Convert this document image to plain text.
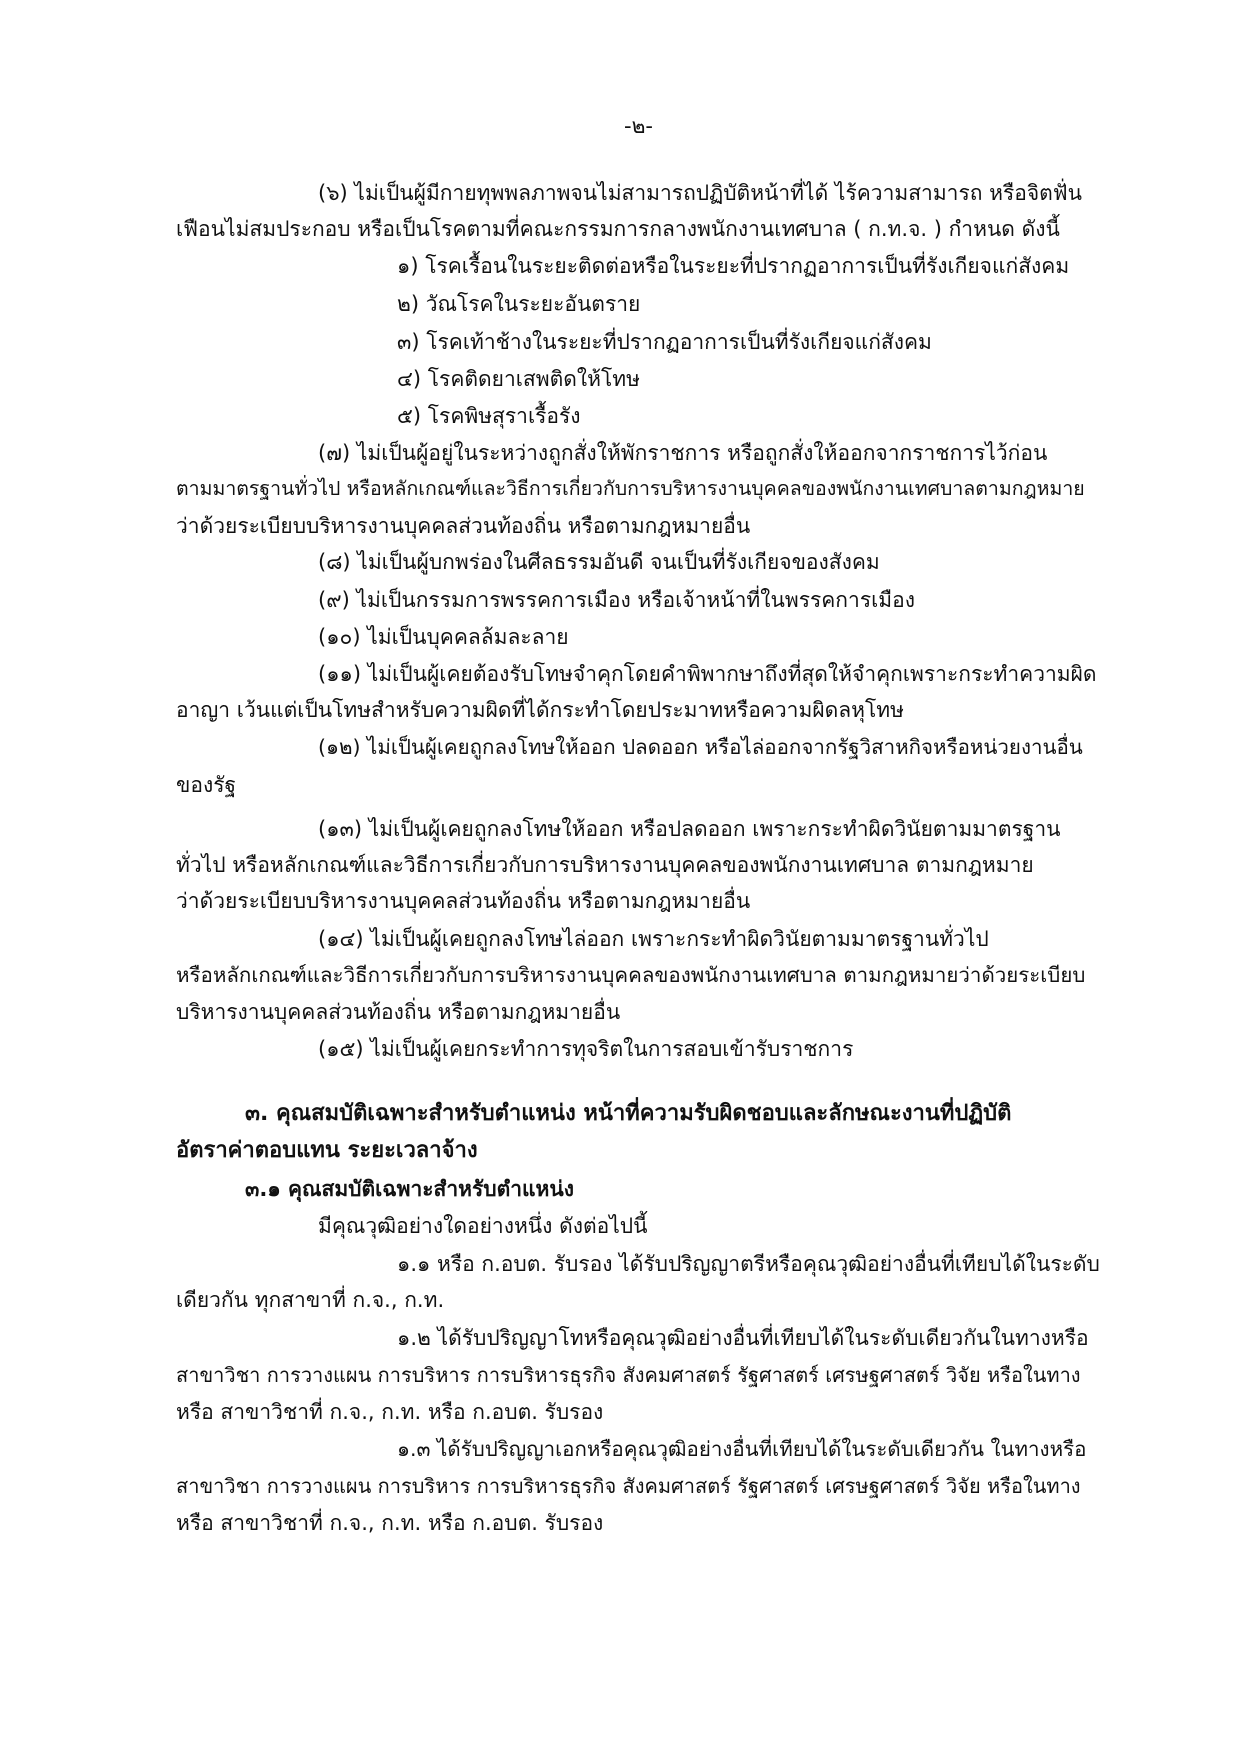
-๒-
(๖) ไม่เป็นผู้มีกายทุพพลภาพจนไม่สามารถปฏิบัติหน้าที่ได้ ไร้ความสามารถ หรือจิตฟั่น
เฟือนไม่สมประกอบ หรือเป็นโรคตามที่คณะกรรมการกลางพนักงานเทศบาล ( ก.ท.จ. ) กำหนด ดังนี้
๑) โรคเรื้อนในระยะติดต่อหรือในระยะที่ปรากฏอาการเป็นที่รังเกียจแก่สังคม
๒) วัณโรคในระยะอันตราย
๓) โรคเท้าช้างในระยะที่ปรากฏอาการเป็นที่รังเกียจแก่สังคม
๔) โรคติดยาเสพติดให้โทษ
๕) โรคพิษสุราเรื้อรัง
(๗) ไม่เป็นผู้อยู่ในระหว่างถูกสั่งให้พักราชการ หรือถูกสั่งให้ออกจากราชการไว้ก่อน
ตามมาตรฐานทั่วไป หรือหลักเกณฑ์และวิธีการเกี่ยวกับการบริหารงานบุคคลของพนักงานเทศบาลตามกฎหมาย
ว่าด้วยระเบียบบริหารงานบุคคลส่วนท้องถิ่น หรือตามกฎหมายอื่น
(๘) ไม่เป็นผู้บกพร่องในศีลธรรมอันดี จนเป็นที่รังเกียจของสังคม
(๙) ไม่เป็นกรรมการพรรคการเมือง หรือเจ้าหน้าที่ในพรรคการเมือง
(๑๐) ไม่เป็นบุคคลล้มละลาย
(๑๑) ไม่เป็นผู้เคยต้องรับโทษจำคุกโดยคำพิพากษาถึงที่สุดให้จำคุกเพราะกระทำความผิด
อาญา เว้นแต่เป็นโทษสำหรับความผิดที่ได้กระทำโดยประมาทหรือความผิดลหุโทษ
(๑๒) ไม่เป็นผู้เคยถูกลงโทษให้ออก ปลดออก หรือไล่ออกจากรัฐวิสาหกิจหรือหน่วยงานอื่น
ของรัฐ
(๑๓) ไม่เป็นผู้เคยถูกลงโทษให้ออก หรือปลดออก เพราะกระทำผิดวินัยตามมาตรฐาน
ทั่วไป หรือหลักเกณฑ์และวิธีการเกี่ยวกับการบริหารงานบุคคลของพนักงานเทศบาล ตามกฎหมาย
ว่าด้วยระเบียบบริหารงานบุคคลส่วนท้องถิ่น หรือตามกฎหมายอื่น
(๑๔) ไม่เป็นผู้เคยถูกลงโทษไล่ออก เพราะกระทำผิดวินัยตามมาตรฐานทั่วไป
หรือหลักเกณฑ์และวิธีการเกี่ยวกับการบริหารงานบุคคลของพนักงานเทศบาล ตามกฎหมายว่าด้วยระเบียบ
บริหารงานบุคคลส่วนท้องถิ่น หรือตามกฎหมายอื่น
(๑๕) ไม่เป็นผู้เคยกระทำการทุจริตในการสอบเข้ารับราชการ
๓. คุณสมบัติเฉพาะสำหรับตำแหน่ง หน้าที่ความรับผิดชอบและลักษณะงานที่ปฏิบัติ
อัตราค่าตอบแทน ระยะเวลาจ้าง
๓.๑ คุณสมบัติเฉพาะสำหรับตำแหน่ง
มีคุณวุฒิอย่างใดอย่างหนึ่ง ดังต่อไปนี้
๑.๑ หรือ ก.อบต. รับรอง ได้รับปริญญาตรีหรือคุณวุฒิอย่างอื่นที่เทียบได้ในระดับ
เดียวกัน ทุกสาขาที่ ก.จ., ก.ท.
๑.๒ ได้รับปริญญาโทหรือคุณวุฒิอย่างอื่นที่เทียบได้ในระดับเดียวกันในทางหรือ
สาขาวิชา การวางแผน การบริหาร การบริหารธุรกิจ สังคมศาสตร์ รัฐศาสตร์ เศรษฐศาสตร์ วิจัย หรือในทาง
หรือ สาขาวิชาที่ ก.จ., ก.ท. หรือ ก.อบต. รับรอง
๑.๓ ได้รับปริญญาเอกหรือคุณวุฒิอย่างอื่นที่เทียบได้ในระดับเดียวกัน ในทางหรือ
สาขาวิชา การวางแผน การบริหาร การบริหารธุรกิจ สังคมศาสตร์ รัฐศาสตร์ เศรษฐศาสตร์ วิจัย หรือในทาง
หรือ สาขาวิชาที่ ก.จ., ก.ท. หรือ ก.อบต. รับรอง
